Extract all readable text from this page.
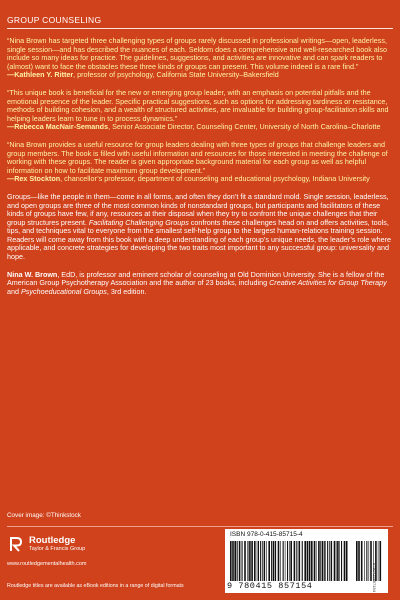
GROUP COUNSELING

“Nina Brown has targeted three challenging types of groups rarely discussed in professional writings—open, leaderless, single session—and has described the nuances of each. Seldom does a comprehensive and well-researched book also include so many ideas for practice. The guidelines, suggestions, and activities are innovative and can spark readers to (almost) want to face the obstacles these three kinds of groups can present. This volume indeed is a rare find.”

—Kathleen Y. Ritter, professor of psychology, California State University–Bakersfield

“This unique book is beneficial for the new or emerging group leader, with an emphasis on potential pitfalls and the emotional presence of the leader. Specific practical suggestions, such as options for addressing tardiness or resistance, methods of building cohesion, and a wealth of structured activities, are invaluable for building group-facilitation skills and helping leaders learn to tune in to process dynamics.”

—Rebecca MacNair-Semands, Senior Associate Director, Counseling Center, University of North Carolina–Charlotte

“Nina Brown provides a useful resource for group leaders dealing with three types of groups that challenge leaders and group members. The book is filled with useful information and resources for those interested in meeting the challenge of working with these groups. The reader is given appropriate background material for each group as well as helpful information on how to facilitate maximum group development.”

—Rex Stockton, chancellor’s professor, department of counseling and educational psychology, Indiana University

Groups—like the people in them—come in all forms, and often they don’t fit a standard mold. Single session, leaderless, and open groups are three of the most common kinds of nonstandard groups, but participants and facilitators of these kinds of groups have few, if any, resources at their disposal when they try to confront the unique challenges that their group structures present. Facilitating Challenging Groups confronts these challenges head on and offers activities, tools, tips, and techniques vital to everyone from the smallest self-help group to the largest human-relations training session. Readers will come away from this book with a deep understanding of each group’s unique needs, the leader’s role where applicable, and concrete strategies for developing the two traits most important to any successful group: universality and hope.

Nina W. Brown, EdD, is professor and eminent scholar of counseling at Old Dominion University. She is a fellow of the American Group Psychotherapy Association and the author of 23 books, including Creative Activities for Group Therapy and Psychoeducational Groups, 3rd edition.

Cover image: ©Thinkstock
Routledge
Taylor & Francis Group
www.routledgementalhealth.com
Routledge titles are available as eBook editions in a range of digital formats
ISBN 978-0-415-85715-4
9 780415 857154	9780415857154
